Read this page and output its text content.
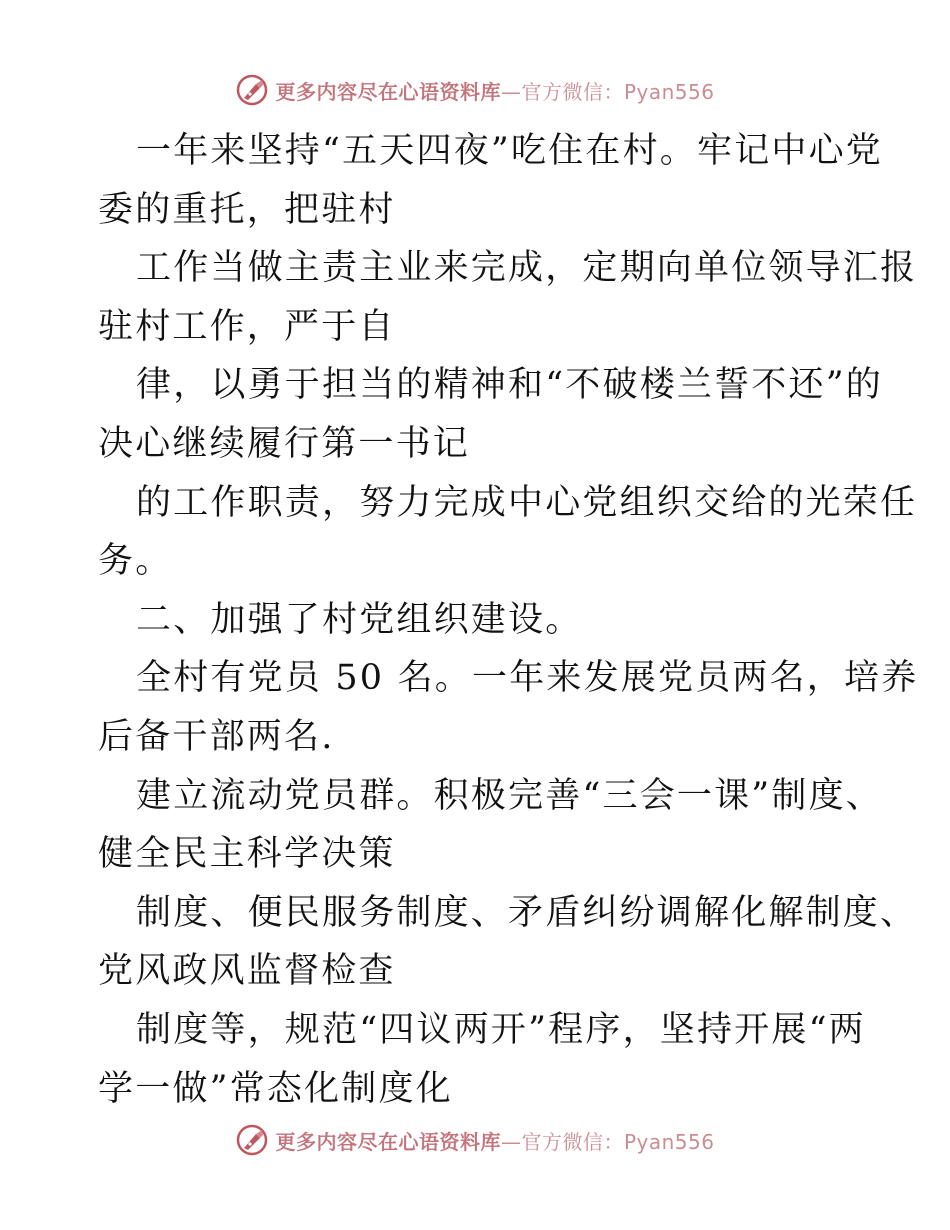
更多内容尽在心语资料库—官方微信：Pyan556
一年来坚持“五天四夜”吃住在村。牢记中心党
委的重托，把驻村
工作当做主责主业来完成，定期向单位领导汇报
驻村工作，严于自
律，以勇于担当的精神和“不破楼兰誓不还”的
决心继续履行第一书记
的工作职责，努力完成中心党组织交给的光荣任
务。
二、加强了村党组织建设。
全村有党员 50 名。一年来发展党员两名，培养
后备干部两名.
建立流动党员群。积极完善“三会一课”制度、
健全民主科学决策
制度、便民服务制度、矛盾纠纷调解化解制度、
党风政风监督检查
制度等，规范“四议两开”程序，坚持开展“两
学一做”常态化制度化
更多内容尽在心语资料库—官方微信：Pyan556
